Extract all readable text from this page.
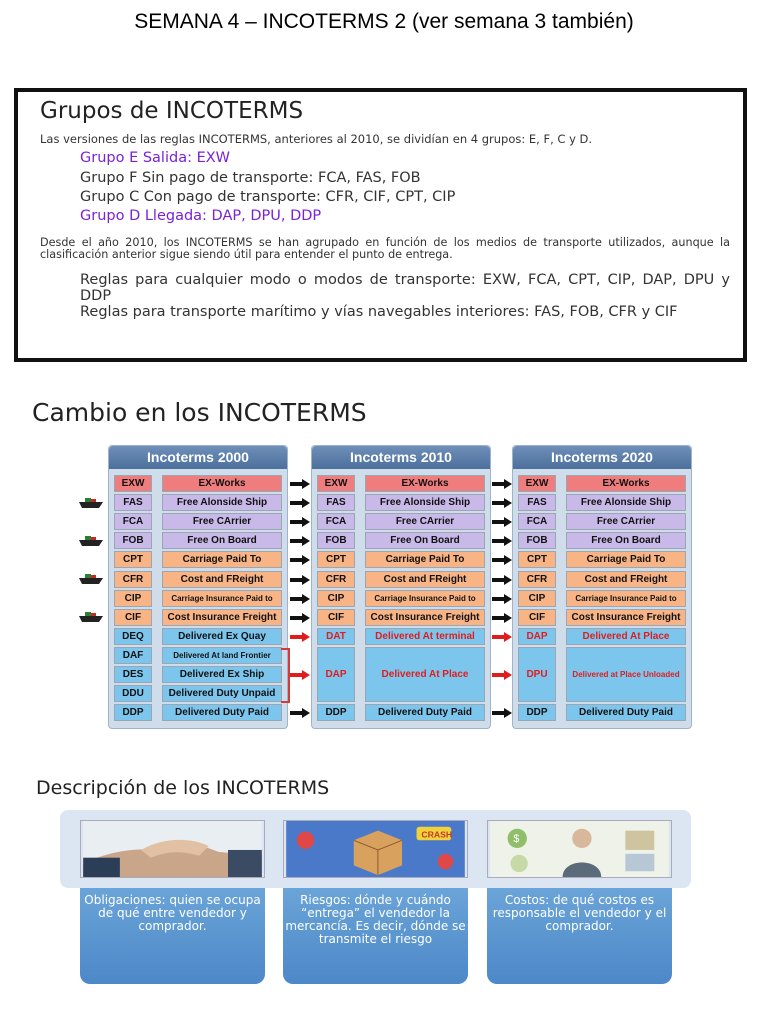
SEMANA 4 – INCOTERMS 2 (ver semana 3 también)
Grupos de INCOTERMS
Las versiones de las reglas INCOTERMS, anteriores al 2010, se dividían en 4 grupos: E, F, C y D.
Grupo E Salida: EXW
Grupo F Sin pago de transporte: FCA, FAS, FOB
Grupo C Con pago de transporte: CFR, CIF, CPT, CIP
Grupo D Llegada: DAP, DPU, DDP
Desde el año 2010, los INCOTERMS se han agrupado en función de los medios de transporte utilizados, aunque la clasificación anterior sigue siendo útil para entender el punto de entrega.
Reglas para cualquier modo o modos de transporte: EXW, FCA, CPT, CIP, DAP, DPU y DDP
Reglas para transporte marítimo y vías navegables interiores: FAS, FOB, CFR y CIF
Cambio en los INCOTERMS
Incoterms 2000	Incoterms 2010	Incoterms 2020
EXW	EX-Works
FAS	Free Alonside Ship
FCA	Free CArrier
FOB	Free On Board
CPT	Carriage Paid To
CFR	Cost and FReight
CIP	Carriage Insurance Paid to
CIF	Cost Insurance Freight
DEQ	Delivered Ex Quay
DAF	Delivered At land Frontier
DES	Delivered Ex Ship
DDU	Delivered Duty Unpaid
DDP	Delivered Duty Paid
EXW	EX-Works
FAS	Free Alonside Ship
FCA	Free CArrier
FOB	Free On Board
CPT	Carriage Paid To
CFR	Cost and FReight
CIP	Carriage Insurance Paid to
CIF	Cost Insurance Freight
DAT	Delivered At terminal
DAP	Delivered At Place
DDP	Delivered Duty Paid
EXW	EX-Works
FAS	Free Alonside Ship
FCA	Free CArrier
FOB	Free On Board
CPT	Carriage Paid To
CFR	Cost and FReight
CIP	Carriage Insurance Paid to
CIF	Cost Insurance Freight
DAP	Delivered At Place
DPU	Delivered at Place Unloaded
DDP	Delivered Duty Paid
Descripción de los INCOTERMS
CRASH	$
Obligaciones: quien se ocupa de qué entre vendedor y comprador.
Riesgos: dónde y cuándo “entrega” el vendedor la mercancía. Es decir, dónde se transmite el riesgo
Costos: de qué costos es responsable el vendedor y el comprador.
